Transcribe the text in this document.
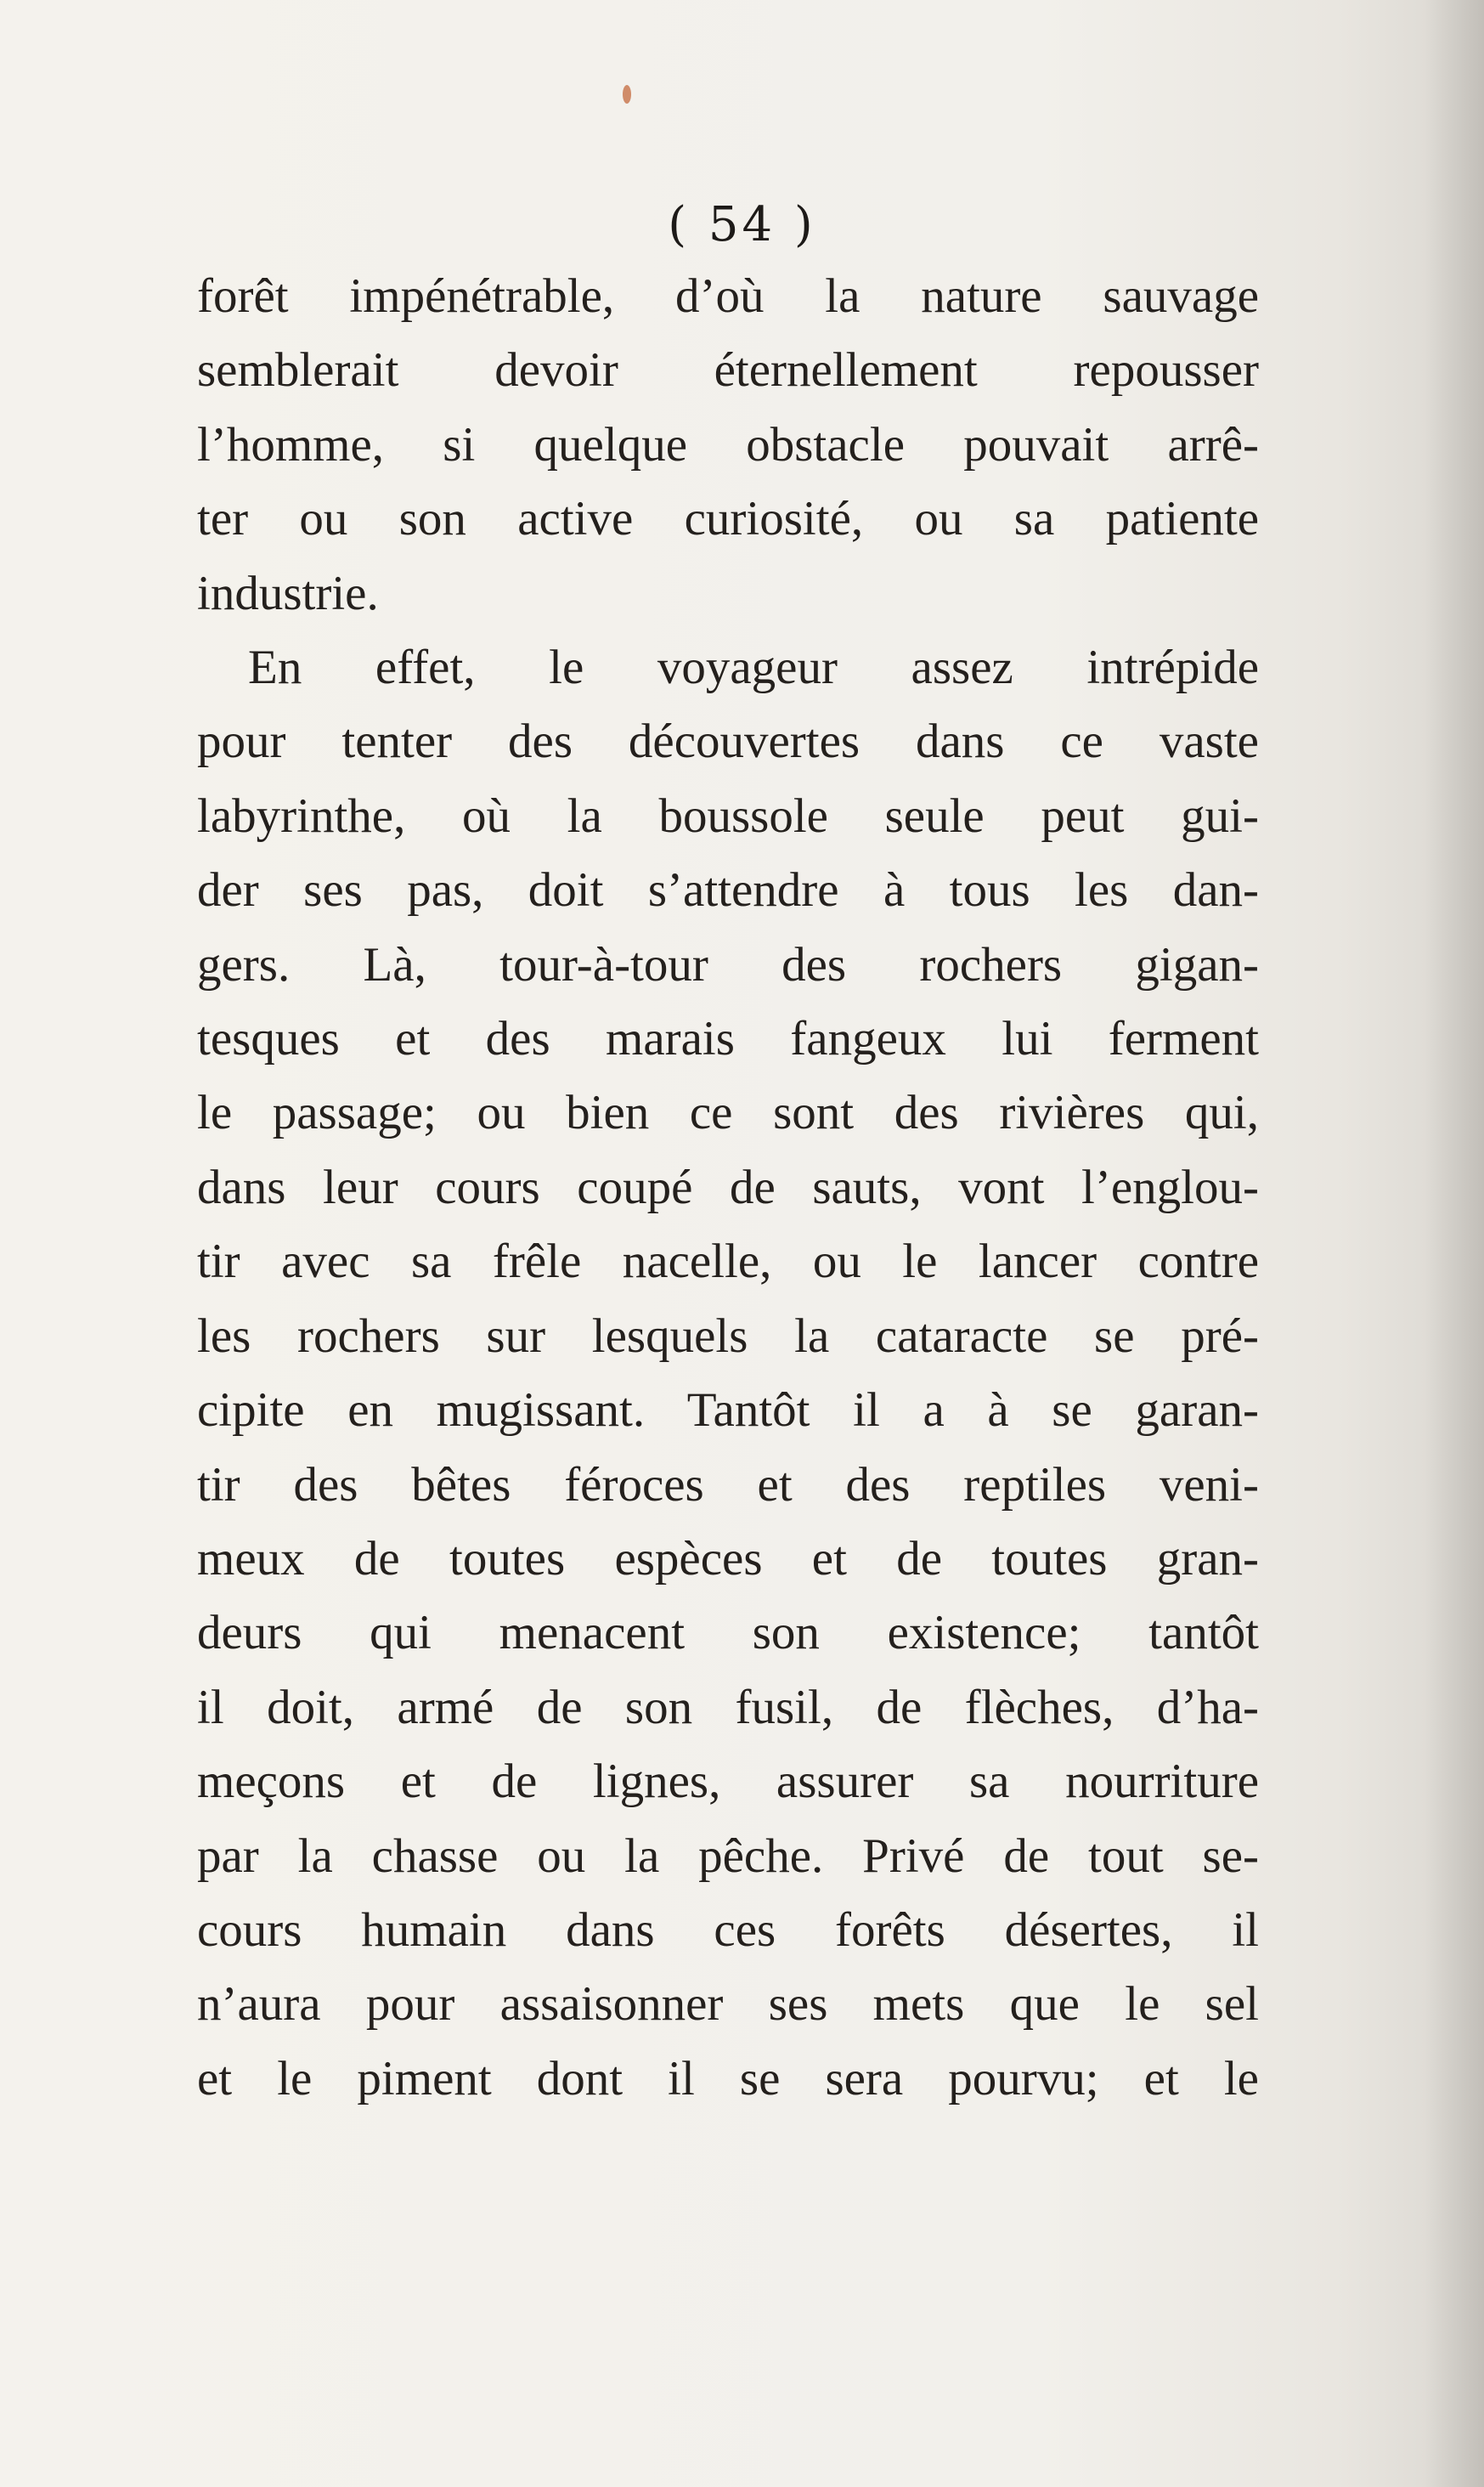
( 54 )
forêt impénétrable, d’où la nature sauvage
semblerait devoir éternellement repousser
l’homme, si quelque obstacle pouvait arrê-
ter ou son active curiosité, ou sa patiente
industrie.
En effet, le voyageur assez intrépide
pour tenter des découvertes dans ce vaste
labyrinthe, où la boussole seule peut gui-
der ses pas, doit s’attendre à tous les dan-
gers. Là, tour-à-tour des rochers gigan-
tesques et des marais fangeux lui ferment
le passage; ou bien ce sont des rivières qui,
dans leur cours coupé de sauts, vont l’englou-
tir avec sa frêle nacelle, ou le lancer contre
les rochers sur lesquels la cataracte se pré-
cipite en mugissant. Tantôt il a à se garan-
tir des bêtes féroces et des reptiles veni-
meux de toutes espèces et de toutes gran-
deurs qui menacent son existence; tantôt
il doit, armé de son fusil, de flèches, d’ha-
meçons et de lignes, assurer sa nourriture
par la chasse ou la pêche. Privé de tout se-
cours humain dans ces forêts désertes, il
n’aura pour assaisonner ses mets que le sel
et le piment dont il se sera pourvu; et le
